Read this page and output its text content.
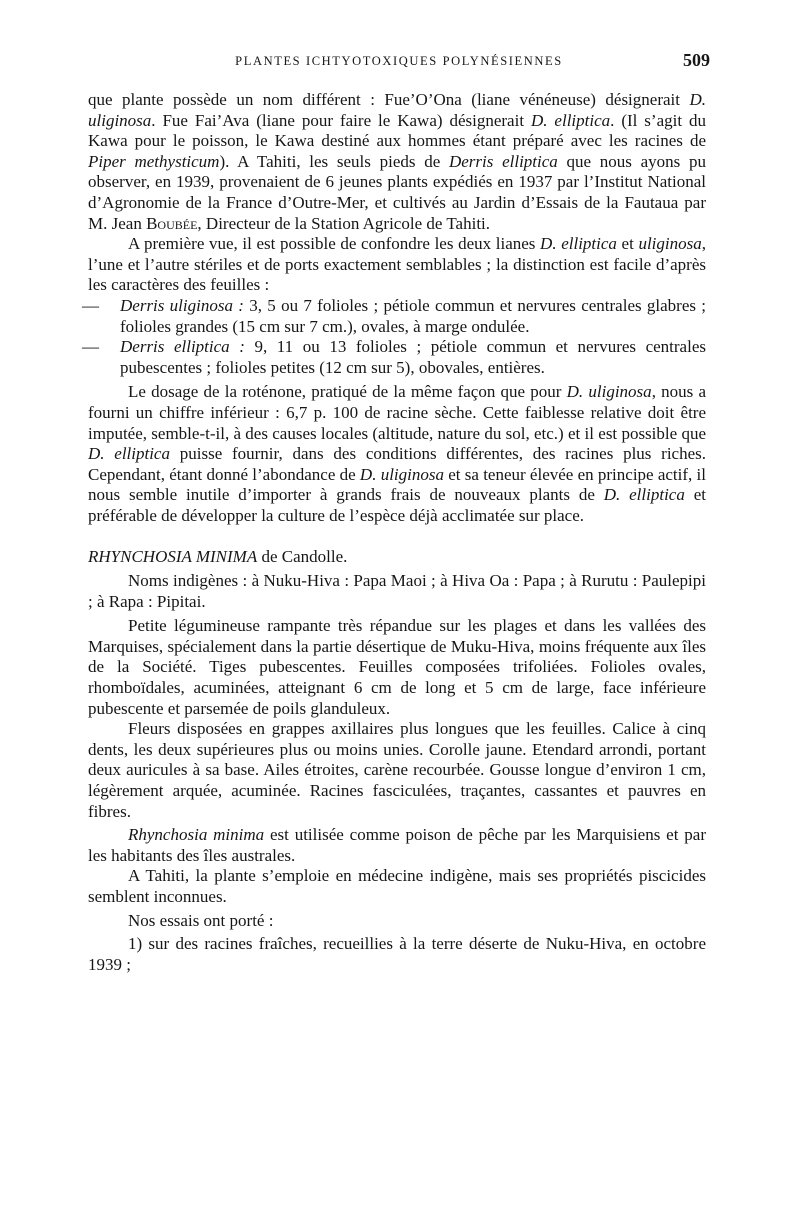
PLANTES ICHTYOTOXIQUES POLYNÉSIENNES	509

que plante possède un nom différent : Fue’O’Ona (liane vénéneuse) désignerait D. uliginosa. Fue Fai’Ava (liane pour faire le Kawa) désignerait D. elliptica. (Il s’agit du Kawa pour le poisson, le Kawa destiné aux hommes étant préparé avec les racines de Piper methysticum). A Tahiti, les seuls pieds de Derris elliptica que nous ayons pu observer, en 1939, provenaient de 6 jeunes plants expédiés en 1937 par l’Institut National d’Agronomie de la France d’Outre-Mer, et cultivés au Jardin d’Essais de la Fautaua par M. Jean Boubée, Directeur de la Station Agricole de Tahiti.

A première vue, il est possible de confondre les deux lianes D. elliptica et uliginosa, l’une et l’autre stériles et de ports exactement semblables ; la distinction est facile d’après les caractères des feuilles :

— Derris uliginosa : 3, 5 ou 7 folioles ; pétiole commun et nervures centrales glabres ; folioles grandes (15 cm sur 7 cm.), ovales, à marge ondulée.

— Derris elliptica : 9, 11 ou 13 folioles ; pétiole commun et nervures centrales pubescentes ; folioles petites (12 cm sur 5), obovales, entières.

Le dosage de la roténone, pratiqué de la même façon que pour D. uliginosa, nous a fourni un chiffre inférieur : 6,7 p. 100 de racine sèche. Cette faiblesse relative doit être imputée, semble-t-il, à des causes locales (altitude, nature du sol, etc.) et il est possible que D. elliptica puisse fournir, dans des conditions différentes, des racines plus riches. Cependant, étant donné l’abondance de D. uliginosa et sa teneur élevée en principe actif, il nous semble inutile d’importer à grands frais de nouveaux plants de D. elliptica et préférable de développer la culture de l’espèce déjà acclimatée sur place.

RHYNCHOSIA MINIMA de Candolle.

Noms indigènes : à Nuku-Hiva : Papa Maoi ; à Hiva Oa : Papa ; à Rurutu : Paulepipi ; à Rapa : Pipitai.

Petite légumineuse rampante très répandue sur les plages et dans les vallées des Marquises, spécialement dans la partie désertique de Muku-Hiva, moins fréquente aux îles de la Société. Tiges pubescentes. Feuilles composées trifoliées. Folioles ovales, rhomboïdales, acuminées, atteignant 6 cm de long et 5 cm de large, face inférieure pubescente et parsemée de poils glanduleux.

Fleurs disposées en grappes axillaires plus longues que les feuilles. Calice à cinq dents, les deux supérieures plus ou moins unies. Corolle jaune. Etendard arrondi, portant deux auricules à sa base. Ailes étroites, carène recourbée. Gousse longue d’environ 1 cm, légèrement arquée, acuminée. Racines fasciculées, traçantes, cassantes et pauvres en fibres.

Rhynchosia minima est utilisée comme poison de pêche par les Marquisiens et par les habitants des îles australes.

A Tahiti, la plante s’emploie en médecine indigène, mais ses propriétés piscicides semblent inconnues.

Nos essais ont porté :

1) sur des racines fraîches, recueillies à la terre déserte de Nuku-Hiva, en octobre 1939 ;
